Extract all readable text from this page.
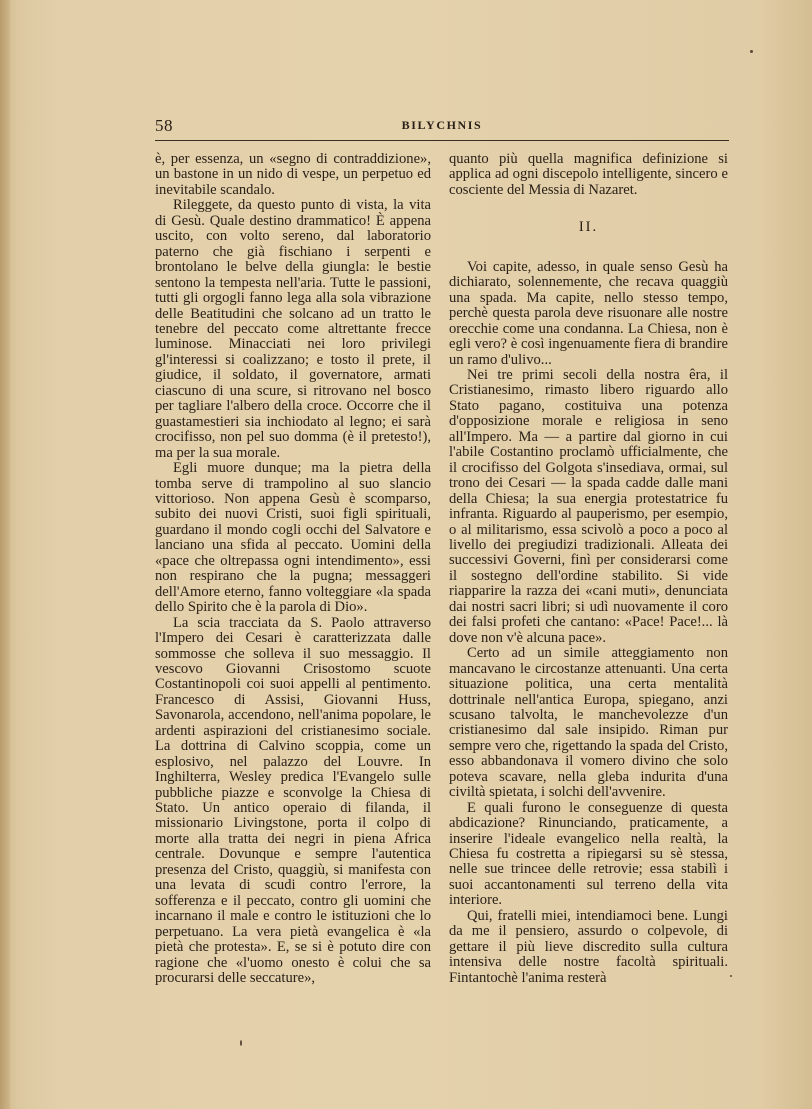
58	BILYCHNIS

è, per essenza, un «segno di contraddizione», un bastone in un nido di vespe, un perpetuo ed inevitabile scandalo.

Rileggete, da questo punto di vista, la vita di Gesù. Quale destino drammatico! È appena uscito, con volto sereno, dal laboratorio paterno che già fischiano i serpenti e brontolano le belve della giungla: le bestie sentono la tempesta nell'aria. Tutte le passioni, tutti gli orgogli fanno lega alla sola vibrazione delle Beatitudini che solcano ad un tratto le tenebre del peccato come altrettante frecce luminose. Minacciati nei loro privilegi gl'interessi si coalizzano; e tosto il prete, il giudice, il soldato, il governatore, armati ciascuno di una scure, si ritrovano nel bosco per tagliare l'albero della croce. Occorre che il guastamestieri sia inchiodato al legno; ei sarà crocifisso, non pel suo domma (è il pretesto!), ma per la sua morale.

Egli muore dunque; ma la pietra della tomba serve di trampolino al suo slancio vittorioso. Non appena Gesù è scomparso, subito dei nuovi Cristi, suoi figli spirituali, guardano il mondo cogli occhi del Salvatore e lanciano una sfida al peccato. Uomini della «pace che oltrepassa ogni intendimento», essi non respirano che la pugna; messaggeri dell'Amore eterno, fanno volteggiare «la spada dello Spirito che è la parola di Dio».

La scia tracciata da S. Paolo attraverso l'Impero dei Cesari è caratterizzata dalle sommosse che solleva il suo messaggio. Il vescovo Giovanni Crisostomo scuote Costantinopoli coi suoi appelli al pentimento. Francesco di Assisi, Giovanni Huss, Savonarola, accendono, nell'anima popolare, le ardenti aspirazioni del cristianesimo sociale. La dottrina di Calvino scoppia, come un esplosivo, nel palazzo del Louvre. In Inghilterra, Wesley predica l'Evangelo sulle pubbliche piazze e sconvolge la Chiesa di Stato. Un antico operaio di filanda, il missionario Livingstone, porta il colpo di morte alla tratta dei negri in piena Africa centrale. Dovunque e sempre l'autentica presenza del Cristo, quaggiù, si manifesta con una levata di scudi contro l'errore, la sofferenza e il peccato, contro gli uomini che incarnano il male e contro le istituzioni che lo perpetuano. La vera pietà evangelica è «la pietà che protesta». E, se si è potuto dire con ragione che «l'uomo onesto è colui che sa procurarsi delle seccature»,

quanto più quella magnifica definizione si applica ad ogni discepolo intelligente, sincero e cosciente del Messia di Nazaret.

II.

Voi capite, adesso, in quale senso Gesù ha dichiarato, solennemente, che recava quaggiù una spada. Ma capite, nello stesso tempo, perchè questa parola deve risuonare alle nostre orecchie come una condanna. La Chiesa, non è egli vero? è così ingenuamente fiera di brandire un ramo d'ulivo...

Nei tre primi secoli della nostra êra, il Cristianesimo, rimasto libero riguardo allo Stato pagano, costituiva una potenza d'opposizione morale e religiosa in seno all'Impero. Ma — a partire dal giorno in cui l'abile Costantino proclamò ufficialmente, che il crocifisso del Golgota s'insediava, ormai, sul trono dei Cesari — la spada cadde dalle mani della Chiesa; la sua energia protestatrice fu infranta. Riguardo al pauperismo, per esempio, o al militarismo, essa scivolò a poco a poco al livello dei pregiudizi tradizionali. Alleata dei successivi Governi, finì per considerarsi come il sostegno dell'ordine stabilito. Si vide riapparire la razza dei «cani muti», denunciata dai nostri sacri libri; si udì nuovamente il coro dei falsi profeti che cantano: «Pace! Pace!... là dove non v'è alcuna pace».

Certo ad un simile atteggiamento non mancavano le circostanze attenuanti. Una certa situazione politica, una certa mentalità dottrinale nell'antica Europa, spiegano, anzi scusano talvolta, le manchevolezze d'un cristianesimo dal sale insipido. Riman pur sempre vero che, rigettando la spada del Cristo, esso abbandonava il vomero divino che solo poteva scavare, nella gleba indurita d'una civiltà spietata, i solchi dell'avvenire.

E quali furono le conseguenze di questa abdicazione? Rinunciando, praticamente, a inserire l'ideale evangelico nella realtà, la Chiesa fu costretta a ripiegarsi su sè stessa, nelle sue trincee delle retrovie; essa stabilì i suoi accantonamenti sul terreno della vita interiore.

Qui, fratelli miei, intendiamoci bene. Lungi da me il pensiero, assurdo o colpevole, di gettare il più lieve discredito sulla cultura intensiva delle nostre facoltà spirituali. Fintantochè l'anima resterà
